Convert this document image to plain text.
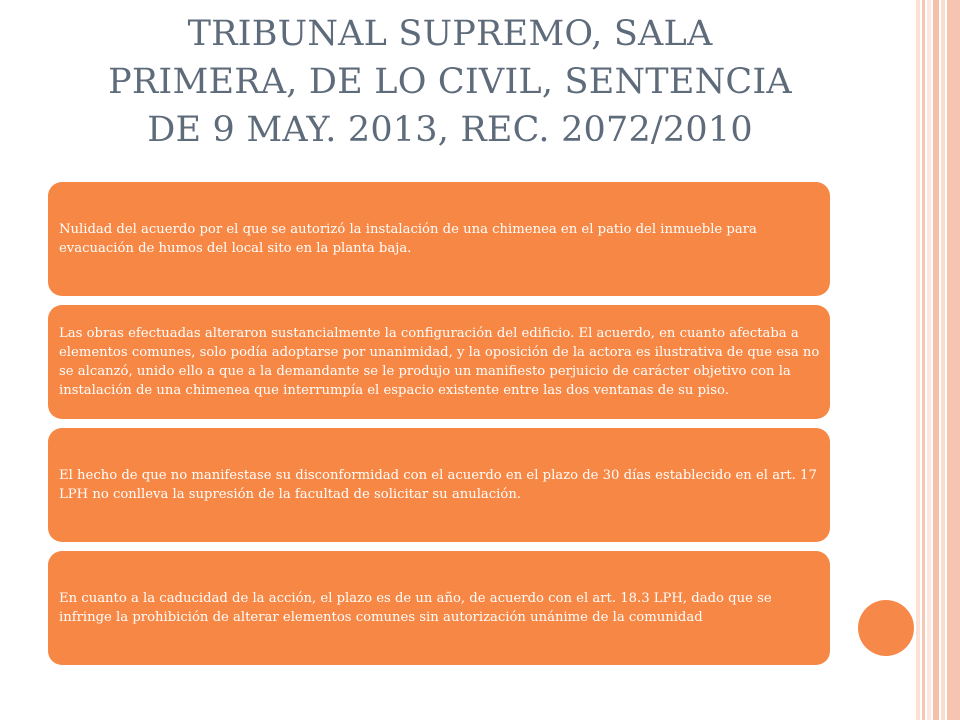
TRIBUNAL SUPREMO, SALA
PRIMERA, DE LO CIVIL, SENTENCIA
DE 9 MAY. 2013, REC. 2072/2010

Nulidad del acuerdo por el que se autorizó la instalación de una chimenea en el patio del inmueble para evacuación de humos del local sito en la planta baja.

Las obras efectuadas alteraron sustancialmente la configuración del edificio. El acuerdo, en cuanto afectaba a elementos comunes, solo podía adoptarse por unanimidad, y la oposición de la actora es ilustrativa de que esa no se alcanzó, unido ello a que a la demandante se le produjo un manifiesto perjuicio de carácter objetivo con la instalación de una chimenea que interrumpía el espacio existente entre las dos ventanas de su piso.

El hecho de que no manifestase su disconformidad con el acuerdo en el plazo de 30 días establecido en el art. 17 LPH no conlleva la supresión de la facultad de solicitar su anulación.

En cuanto a la caducidad de la acción, el plazo es de un año, de acuerdo con el art. 18.3 LPH, dado que se infringe la prohibición de alterar elementos comunes sin autorización unánime de la comunidad
